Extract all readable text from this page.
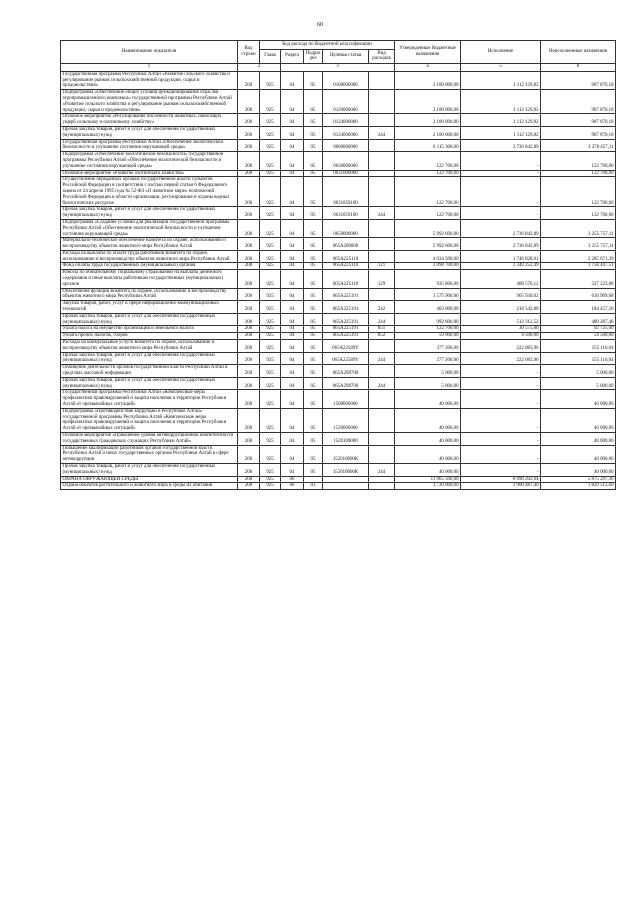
60
Наименование показателя	Код строки	Код расхода по бюджетной классификации					Утвержденные бюджетные назначения	Исполнение	Неисполненные назначения
		Глава	Раздел	Подраз дел	Целевая статья	Вид расходов			
1	2		3				4	5	6
Государственная программа Республики Алтай «Развитие сельского хозяйства и регулирование рынков сельскохозяйственной продукции, сырья и продовольствия»	200	925	04	05	0100000000		2 100 000,00	1 112 129,82	987 870,18
Подпрограмма «Обеспечение общих условий функционирования отраслей агропромышленного комплекса» государственной программы Республики Алтай «Развитие сельского хозяйства и регулирование рынков сельскохозяйственной продукции, сырья и продовольствия»	200	925	04	05	0120000000		2 100 000,00	1 112 129,82	987 870,18
Основное мероприятие «Регулирование численности животных, наносящих ущерб сельскому и охотничьему хозяйству»	200	925	04	05	0124000000		2 100 000,00	1 112 129,82	987 870,18
Прочая закупка товаров, работ и услуг для обеспечения государственных (муниципальных) нужд	200	925	04	05	0124000000	244	2 100 000,00	1 112 129,82	987 870,18
Государственная программа Республики Алтай «Обеспечение экологической безопасности и улучшение состояния окружающей среды»	200	925	04	05	0600000000		6 115 300,00	2 736 842,89	3 378 457,11
Подпрограмма «Обеспечение экологической безопасности» государственной программы Республики Алтай «Обеспечение экологической безопасности и улучшение состояния окружающей среды»	200	925	04	05	0630000000		122 700,00	-	122 700,00
Основное мероприятие «Развитие охотничьего хозяйства»	200	925	04	05	0631000000		122 700,00	-	122 700,00
Осуществление переданных органам государственной власти субъектов Российской Федерации в соответствии с частью первой статьи 6 Федерального закона от 24 апреля 1995 года № 52-ФЗ «О животном мире» полномочий Российской Федерации в области организации, регулирования и охраны водных биологических ресурсов	200	925	04	05	0631059100		122 700,00	-	122 700,00
Прочая закупка товаров, работ и услуг для обеспечения государственных (муниципальных) нужд	200	925	04	05	0631059100	244	122 700,00	-	122 700,00
Подпрограмма «Создание условий для реализации государственной программы Республики Алтай «Обеспечение экологической безопасности и улучшение состояния окружающей среды»	200	925	04	05	0650000000		5 992 600,00	2 736 842,89	3 255 757,11
Материально-техническое обеспечение Комитета по охране, использованию и воспроизводству объектов животного мира Республики Алтай	200	925	04	05	065A200000		5 992 600,00	2 736 842,89	3 255 757,11
Расходы на выплаты по оплате труда работников Комитета по охране, использованию и воспроизводству объектов животного мира Республики Алтай	200	925	04	05	065A225110		4 034 500,00	1 746 828,61	2 285 671,39
Фонд оплаты труда государственных (муниципальных) органов	200	925	04	05	065A225110	121	3 098 700,00	1 340 252,49	1 758 447,51
Взносы по обязательному социальному страхованию на выплаты денежного содержания и иные выплаты работникам государственных (муниципальных) органов	200	925	04	05	065A225110	129	935 800,00	408 576,12	527 223,88
Обеспечение функций Комитета по охране, использованию и воспроизводству объектов животного мира Республики Алтай	200	925	04	05	065A225191		1 575 900,00	965 930,02	610 969,68
Закупка товаров, работ, услуг в сфере информационно-коммуникационных технологий	200	925	04	05	065A225191	242	403 000,00	218 542,80	184 457,20
Прочая закупка товаров, работ и услуг для обеспечения государственных (муниципальных) нужд	200	925	04	05	065A225191	244	992 600,00	512 312,52	480 287,48
Уплата налога на имущество организаций и земельного налога	200	925	04	05	065A225191	851	122 700,00	30 575,00	92 725,00
Уплата прочих налогов, сборов	200	925	04	05	065A225191	852	59 000,00	4 500,00	54 500,00
Расходы на коммунальные услуги Комитета по охране, использованию и воспроизводству объектов животного мира Республики Алтай	200	925	04	05	065A22589Y		377 200,00	222 083,96	155 116,04
Прочая закупка товаров, работ и услуг для обеспечения государственных (муниципальных) нужд	200	925	04	05	065A22589Y	244	377 200,00	222 083,96	155 116,04
Освещение деятельности органов государственной власти Республики Алтай в средствах массовой информации	200	925	04	05	065A298700		5 000,00	-	5 000,00
Прочая закупка товаров, работ и услуг для обеспечения государственных (муниципальных) нужд	200	925	04	05	065A298700	244	5 000,00	-	5 000,00
Государственная программа Республики Алтай «Комплексные меры профилактики правонарушений и защита населения и территории Республики Алтай от чрезвычайных ситуаций»	200	925	04	05	1500000000		40 000,00	-	40 000,00
Подпрограмма «Противодействие коррупции в Республике Алтай» государственной программы Республики Алтай «Комплексные меры профилактики правонарушений и защита населения и территории Республики Алтай от чрезвычайных ситуаций»	200	925	04	05	1520000000		40 000,00	-	40 000,00
Основное мероприятие «Повышение уровня антикоррупционной компетентности государственных гражданских служащих Республики Алтай»	200	925	04	05	1520100000		40 000,00	-	40 000,00
Повышение квалификации работников органов государственной власти Республики Алтай и иных государственных органов Республики Алтай в сфере антикоррупции	200	925	04	05	152010000К		40 000,00	-	40 000,00
Прочая закупка товаров, работ и услуг для обеспечения государственных (муниципальных) нужд	200	925	04	05	152010000К	244	40 000,00	-	40 000,00
ОХРАНА ОКРУЖАЮЩЕЙ СРЕДЫ	200	925	06				11 965 500,00	6 090 202,64	5 875 297,36
Охрана объектов растительного и животного мира и среды их обитания	200	925	06	03			3 730 000,00	1 900 487,40	1 829 512,60
